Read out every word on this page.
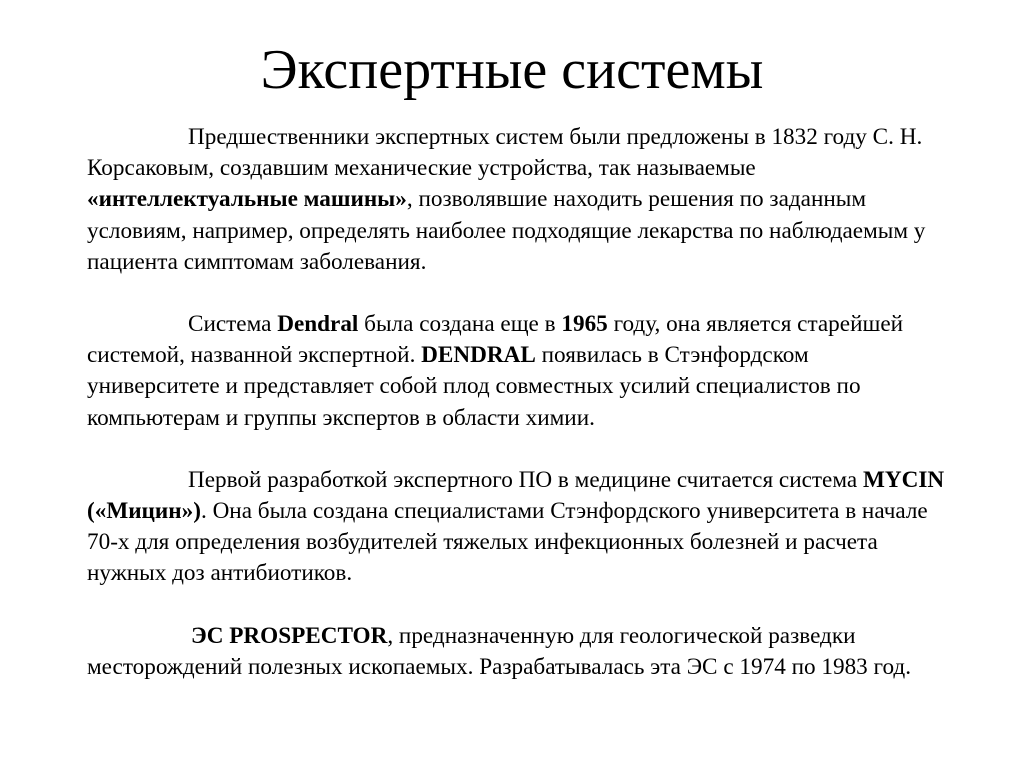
Экспертные системы

Предшественники экспертных систем были предложены в 1832 году С. Н. Корсаковым, создавшим механические устройства, так называемые «интеллектуальные машины», позволявшие находить решения по заданным условиям, например, определять наиболее подходящие лекарства по наблюдаемым у пациента симптомам заболевания.

Система Dendral была создана еще в 1965 году, она является старейшей системой, названной экспертной. DENDRAL появилась в Стэнфордском университете и представляет собой плод совместных усилий специалистов по компьютерам и группы экспертов в области химии.

Первой разработкой экспертного ПО в медицине считается система MYCIN («Мицин»). Она была создана специалистами Стэнфордского университета в начале 70-х для определения возбудителей тяжелых инфекционных болезней и расчета нужных доз антибиотиков.

ЭС PROSPECTOR, предназначенную для геологической разведки месторождений полезных ископаемых. Разрабатывалась эта ЭС с 1974 по 1983 год.
